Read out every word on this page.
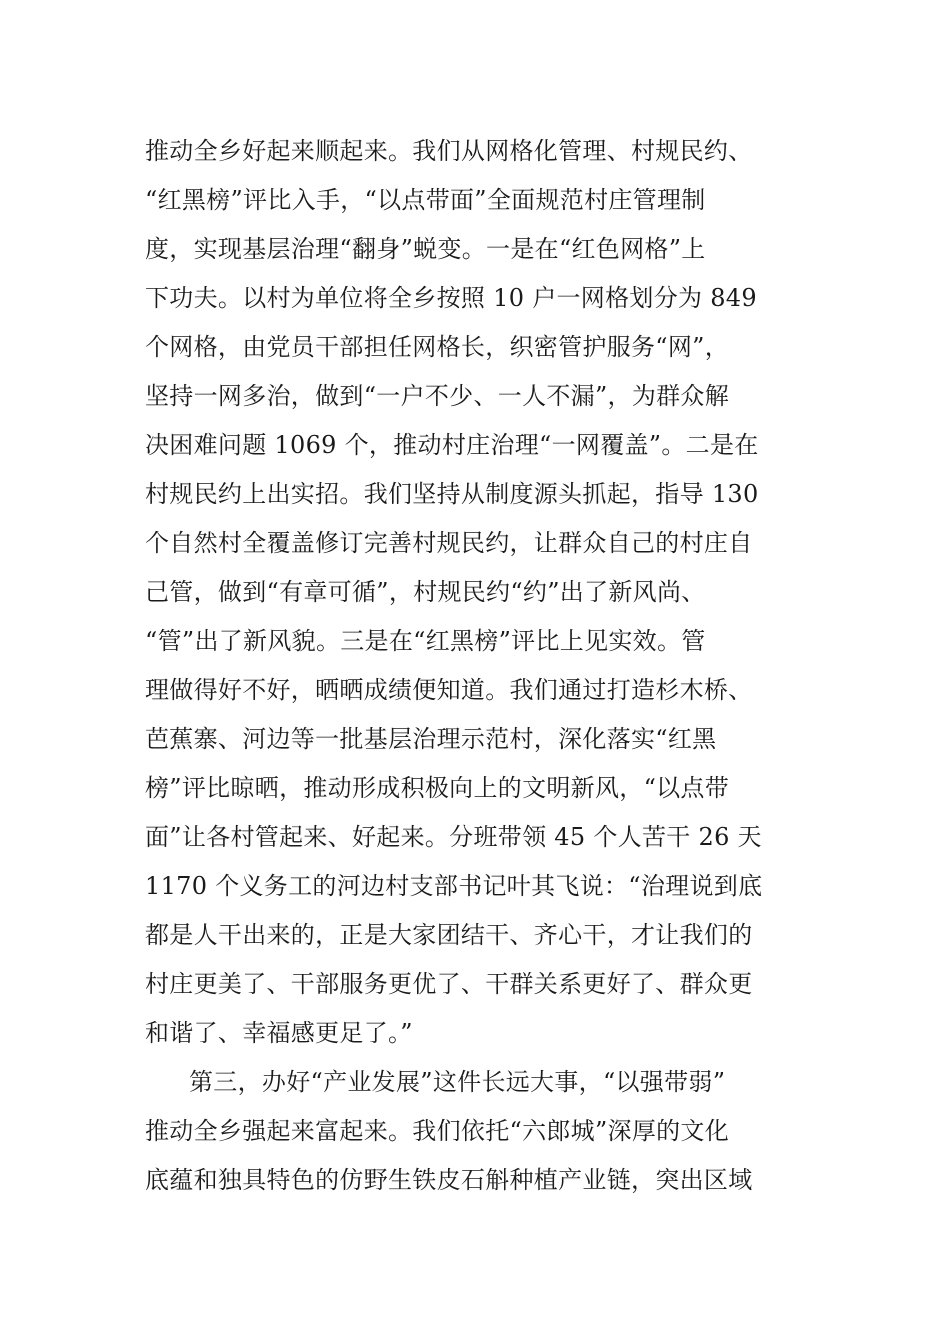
推动全乡好起来顺起来。我们从网格化管理、村规民约、
“红黑榜”评比入手，“以点带面”全面规范村庄管理制
度，实现基层治理“翻身”蜕变。一是在“红色网格”上
下功夫。以村为单位将全乡按照 10 户一网格划分为 849
个网格，由党员干部担任网格长，织密管护服务“网”，
坚持一网多治，做到“一户不少、一人不漏”，为群众解
决困难问题 1069 个，推动村庄治理“一网覆盖”。二是在
村规民约上出实招。我们坚持从制度源头抓起，指导 130
个自然村全覆盖修订完善村规民约，让群众自己的村庄自
己管，做到“有章可循”，村规民约“约”出了新风尚、
“管”出了新风貌。三是在“红黑榜”评比上见实效。管
理做得好不好，晒晒成绩便知道。我们通过打造杉木桥、
芭蕉寨、河边等一批基层治理示范村，深化落实“红黑
榜”评比晾晒，推动形成积极向上的文明新风，“以点带
面”让各村管起来、好起来。分班带领 45 个人苦干 26 天
1170 个义务工的河边村支部书记叶其飞说：“治理说到底
都是人干出来的，正是大家团结干、齐心干，才让我们的
村庄更美了、干部服务更优了、干群关系更好了、群众更
和谐了、幸福感更足了。”
第三，办好“产业发展”这件长远大事，“以强带弱”
推动全乡强起来富起来。我们依托“六郎城”深厚的文化
底蕴和独具特色的仿野生铁皮石斛种植产业链，突出区域
